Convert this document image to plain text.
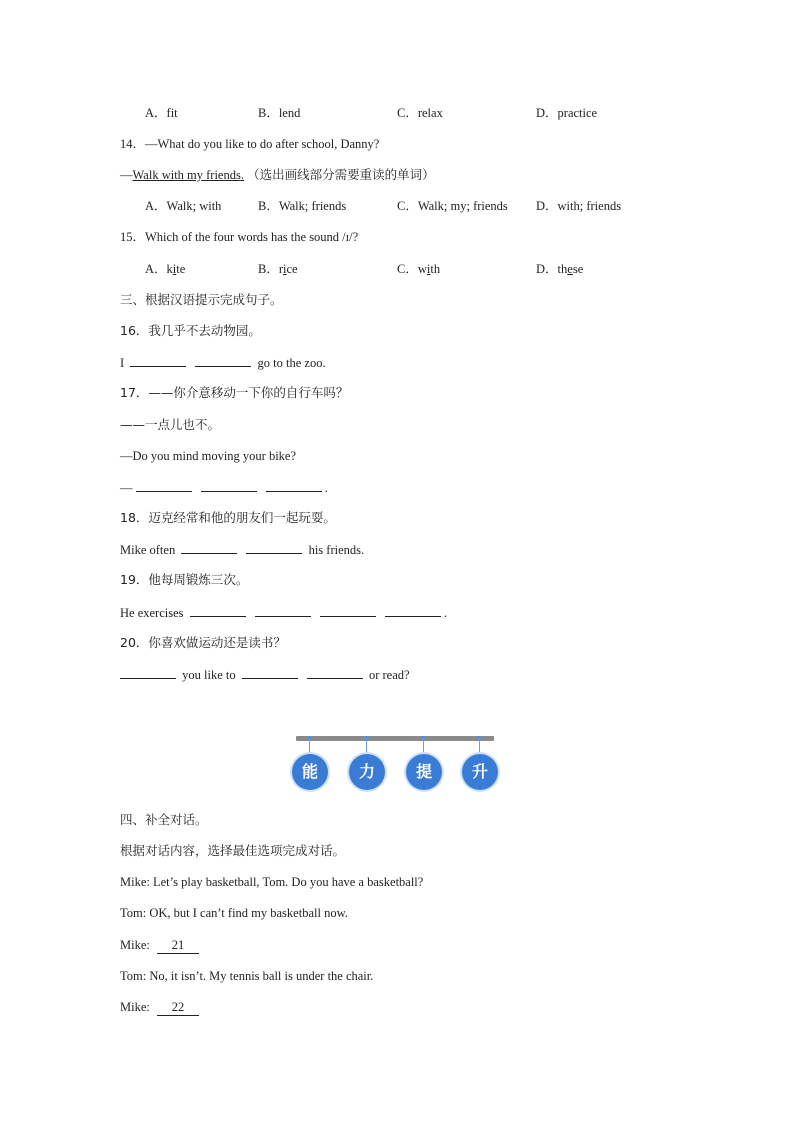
A．fit	B．lend	C．relax	D．practice
14．—What do you like to do after school, Danny?
—Walk with my friends. （选出画线部分需要重读的单词）
A．Walk; with	B．Walk; friends	C．Walk; my; friends D．with; friends
15．Which of the four words has the sound /ɪ/?
A．kite	B．rice	C．with	D．these
三、根据汉语提示完成句子。
16．我几乎不去动物园。
I	go to the zoo.
17．——你介意移动一下你的自行车吗？
——一点儿也不。
—Do you mind moving your bike?
—	.
18．迈克经常和他的朋友们一起玩耍。
Mike often	his friends.
19．他每周锻炼三次。
He exercises	.
20．你喜欢做运动还是读书？
you like to	or read?
能	力	提	升
四、补全对话。
根据对话内容，选择最佳选项完成对话。
Mike: Let’s play basketball, Tom. Do you have a basketball?
Tom: OK, but I can’t find my basketball now.
Mike: 21
Tom: No, it isn’t. My tennis ball is under the chair.
Mike: 22
